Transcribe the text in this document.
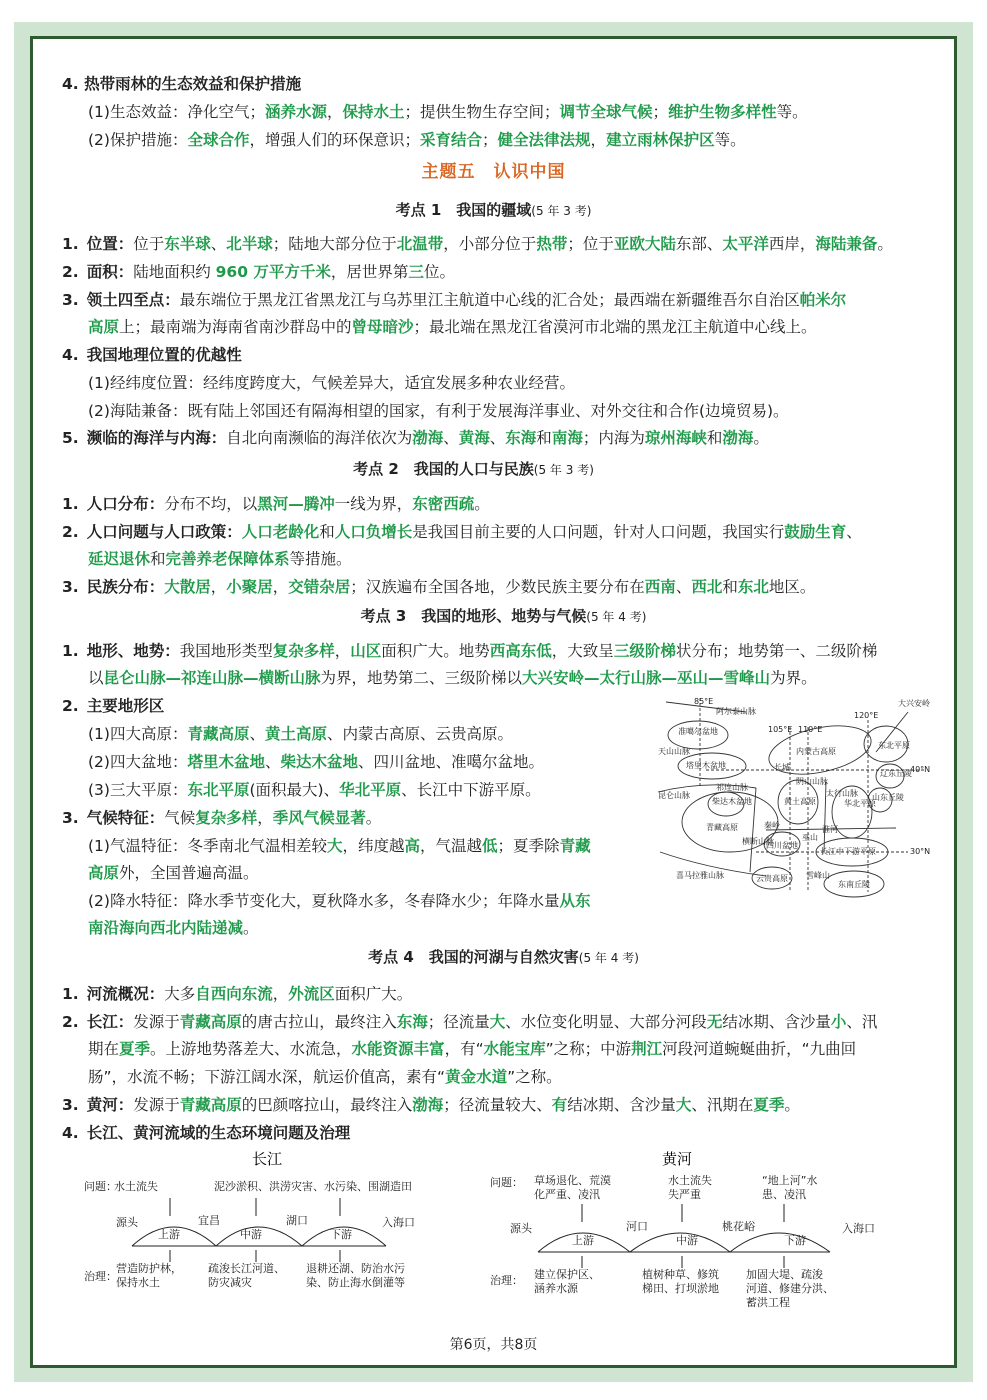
4. 热带雨林的生态效益和保护措施
(1)生态效益：净化空气；涵养水源，保持水土；提供生物生存空间；调节全球气候；维护生物多样性等。
(2)保护措施：全球合作，增强人们的环保意识；采育结合；健全法律法规，建立雨林保护区等。
主题五　认识中国
考点 1　我国的疆域(5 年 3 考)
1. 位置：位于东半球、北半球；陆地大部分位于北温带，小部分位于热带；位于亚欧大陆东部、太平洋西岸，海陆兼备。
2. 面积：陆地面积约 960 万平方千米，居世界第三位。
3. 领土四至点：最东端位于黑龙江省黑龙江与乌苏里江主航道中心线的汇合处；最西端在新疆维吾尔自治区帕米尔
高原上；最南端为海南省南沙群岛中的曾母暗沙；最北端在黑龙江省漠河市北端的黑龙江主航道中心线上。
4. 我国地理位置的优越性
(1)经纬度位置：经纬度跨度大，气候差异大，适宜发展多种农业经营。
(2)海陆兼备：既有陆上邻国还有隔海相望的国家，有利于发展海洋事业、对外交往和合作(边境贸易)。
5. 濒临的海洋与内海：自北向南濒临的海洋依次为渤海、黄海、东海和南海；内海为琼州海峡和渤海。
考点 2　我国的人口与民族(5 年 3 考)
1. 人口分布：分布不均，以黑河—腾冲一线为界，东密西疏。
2. 人口问题与人口政策：人口老龄化和人口负增长是我国目前主要的人口问题，针对人口问题，我国实行鼓励生育、
延迟退休和完善养老保障体系等措施。
3. 民族分布：大散居，小聚居，交错杂居；汉族遍布全国各地，少数民族主要分布在西南、西北和东北地区。
考点 3　我国的地形、地势与气候(5 年 4 考)
1. 地形、地势：我国地形类型复杂多样，山区面积广大。地势西高东低，大致呈三级阶梯状分布；地势第一、二级阶梯
以昆仑山脉—祁连山脉—横断山脉为界，地势第二、三级阶梯以大兴安岭—太行山脉—巫山—雪峰山为界。
2. 主要地形区
(1)四大高原：青藏高原、黄土高原、内蒙古高原、云贵高原。
(2)四大盆地：塔里木盆地、柴达木盆地、四川盆地、准噶尔盆地。
(3)三大平原：东北平原(面积最大)、华北平原、长江中下游平原。
3. 气候特征：气候复杂多样，季风气候显著。
(1)气温特征：冬季南北气温相差较大，纬度越高，气温越低；夏季除青藏
高原外，全国普遍高温。
(2)降水特征：降水季节变化大，夏秋降水多，冬春降水少；年降水量从东
南沿海向西北内陆递减。
85°E
准噶尔盆地
天山山脉
阿尔泰山脉
塔里木盆地
105°E 110°E
120°E
大兴安岭
内蒙古高原
东北平原
40°N
长城
阴山山脉
太行山脉
华北平原
辽东丘陵
山东丘陵
昆仑山脉
祁连山脉
柴达木盆地	黄土高原
青藏高原	秦岭	淮河
横断山脉
四川盆地
长江中下游平原	30°N
巫山
雪峰山
云贵高原
东南丘陵
喜马拉雅山脉
考点 4　我国的河湖与自然灾害(5 年 4 考)
1. 河流概况：大多自西向东流，外流区面积广大。
2. 长江：发源于青藏高原的唐古拉山，最终注入东海；径流量大、水位变化明显、大部分河段无结冰期、含沙量小、汛
期在夏季。上游地势落差大、水流急，水能资源丰富，有“水能宝库”之称；中游荆江河段河道蜿蜒曲折，“九曲回
肠”，水流不畅；下游江阔水深，航运价值高，素有“黄金水道”之称。
3. 黄河：发源于青藏高原的巴颜喀拉山，最终注入渤海；径流量较大、有结冰期、含沙量大、汛期在夏季。
4. 长江、黄河流域的生态环境问题及治理
长江
问题：
水土流失	泥沙淤积、洪涝灾害、水污染、围湖造田
源头	入海口
宜昌	湖口
上游	中游	下游
治理：
营造防护林，
保持水土
疏浚长江河道、
防灾减灾
退耕还湖、防治水污
染、防止海水倒灌等
黄河
问题： 草场退化、荒漠
化严重、凌汛
水土流失
失严重
“地上河”水
患、凌汛
源头	入海口
河口	桃花峪
上游	中游	下游
治理： 建立保护区、
涵养水源
植树种草、修筑
梯田、打坝淤地
加固大堤、疏浚
河道、修建分洪、
蓄洪工程
第6页，共8页
